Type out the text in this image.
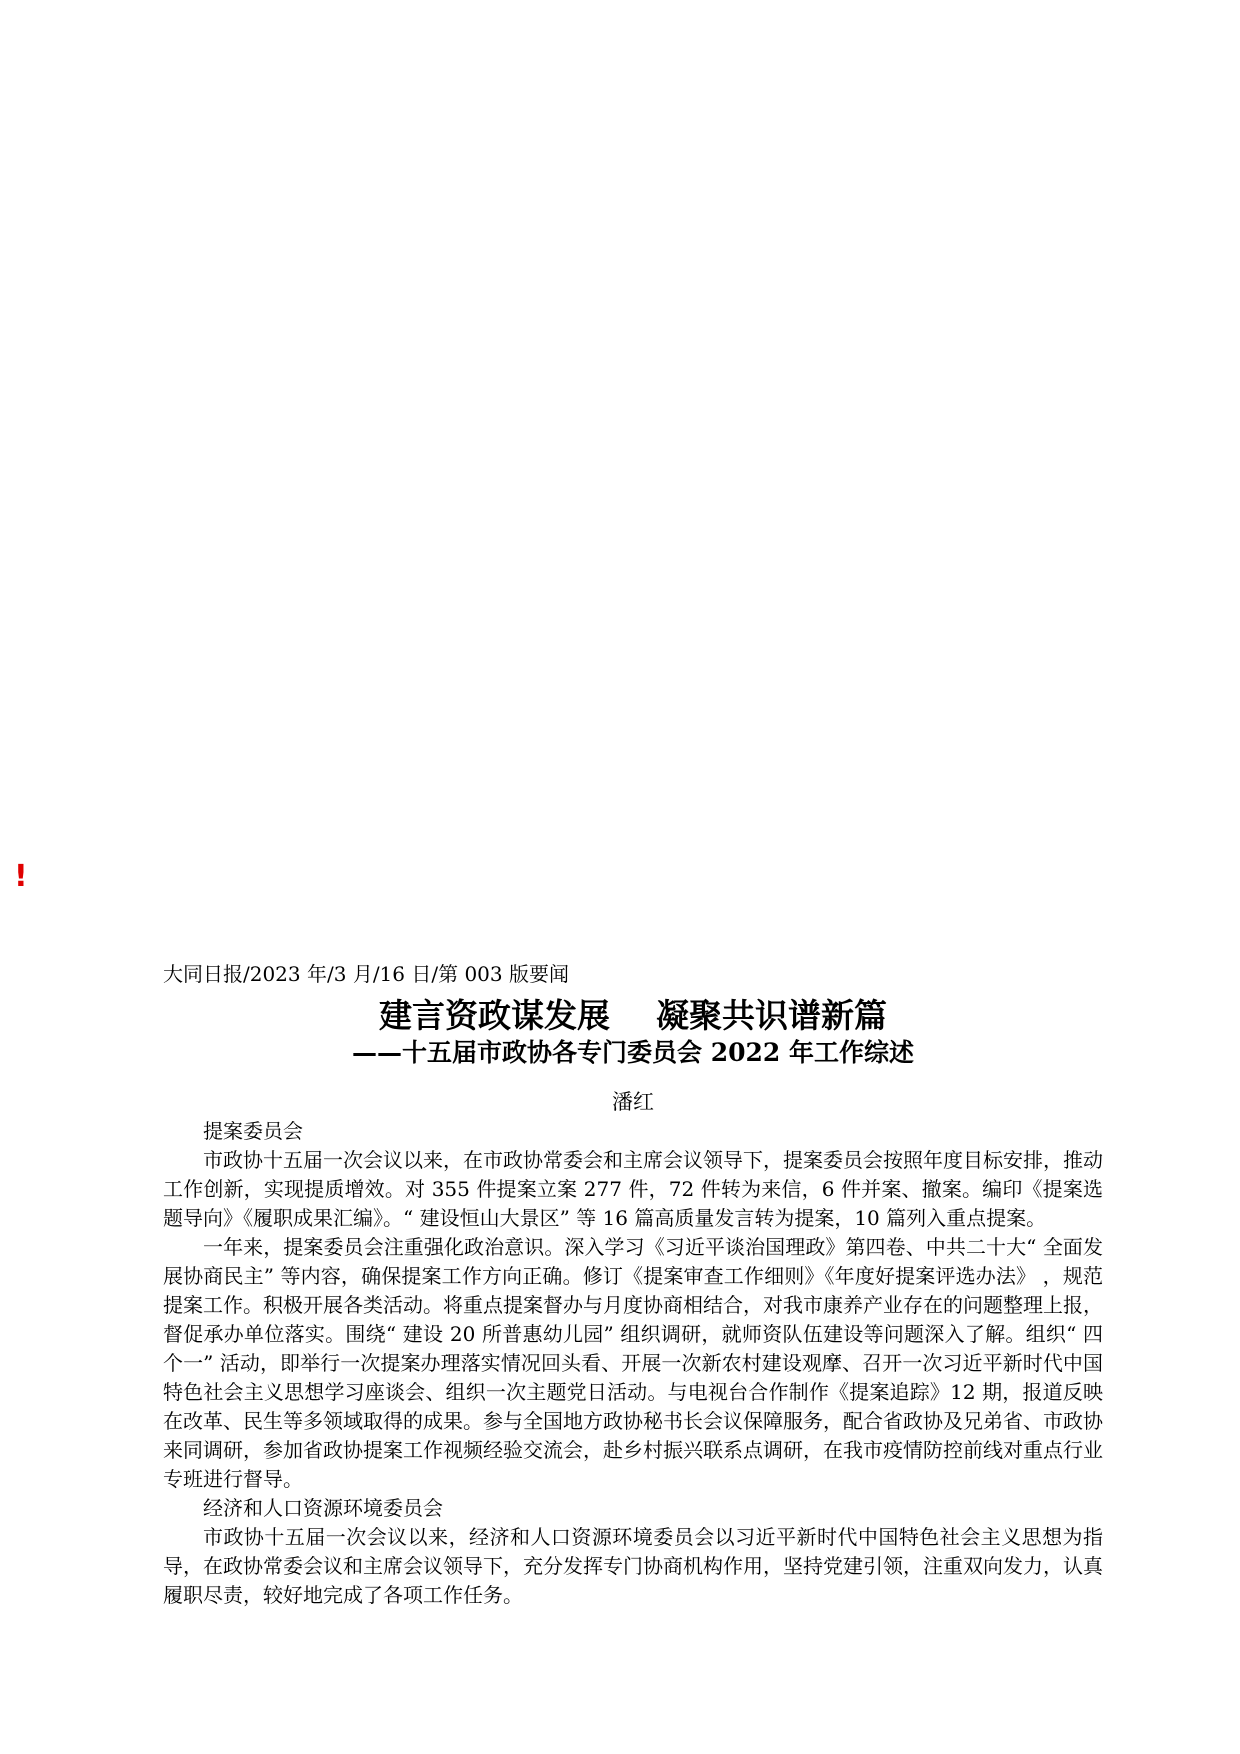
!

大同日报/2023 年/3 月/16 日/第 003 版要闻

建言资政谋发展    凝聚共识谱新篇
——十五届市政协各专门委员会 2022 年工作综述

潘红

提案委员会

市政协十五届一次会议以来，在市政协常委会和主席会议领导下，提案委员会按照年度目标安排，推动工作创新，实现提质增效。对 355 件提案立案 277 件，72 件转为来信，6 件并案、撤案。编印《提案选题导向》《履职成果汇编》。“ 建设恒山大景区” 等 16 篇高质量发言转为提案，10 篇列入重点提案。

一年来，提案委员会注重强化政治意识。深入学习《习近平谈治国理政》第四卷、中共二十大“ 全面发展协商民主” 等内容，确保提案工作方向正确。修订《提案审查工作细则》《年度好提案评选办法》 ，规范提案工作。积极开展各类活动。将重点提案督办与月度协商相结合，对我市康养产业存在的问题整理上报，督促承办单位落实。围绕“ 建设 20 所普惠幼儿园” 组织调研，就师资队伍建设等问题深入了解。组织“ 四个一” 活动，即举行一次提案办理落实情况回头看、开展一次新农村建设观摩、召开一次习近平新时代中国特色社会主义思想学习座谈会、组织一次主题党日活动。与电视台合作制作《提案追踪》12 期，报道反映在改革、民生等多领域取得的成果。参与全国地方政协秘书长会议保障服务，配合省政协及兄弟省、市政协来同调研，参加省政协提案工作视频经验交流会，赴乡村振兴联系点调研，在我市疫情防控前线对重点行业专班进行督导。

经济和人口资源环境委员会

市政协十五届一次会议以来，经济和人口资源环境委员会以习近平新时代中国特色社会主义思想为指导，在政协常委会议和主席会议领导下，充分发挥专门协商机构作用，坚持党建引领，注重双向发力，认真履职尽责，较好地完成了各项工作任务。
